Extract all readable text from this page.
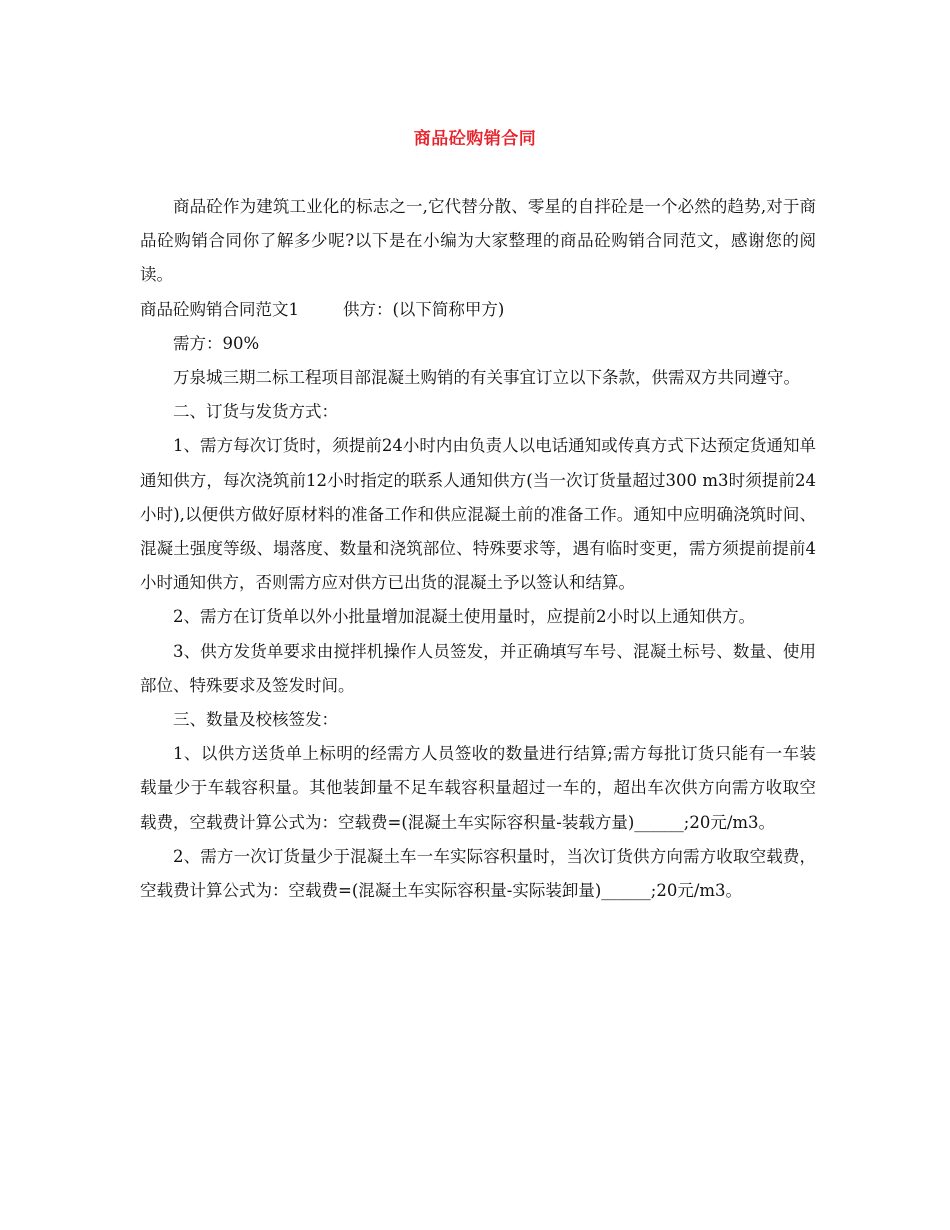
商品砼购销合同

商品砼作为建筑工业化的标志之一,它代替分散、零星的自拌砼是一个必然的趋势,对于商品砼购销合同你了解多少呢?以下是在小编为大家整理的商品砼购销合同范文，感谢您的阅读。

商品砼购销合同范文1	供方：(以下简称甲方)

需方：90%

万泉城三期二标工程项目部混凝土购销的有关事宜订立以下条款，供需双方共同遵守。

二、订货与发货方式：

1、需方每次订货时，须提前24小时内由负责人以电话通知或传真方式下达预定货通知单通知供方，每次浇筑前12小时指定的联系人通知供方(当一次订货量超过300 m3时须提前24小时),以便供方做好原材料的准备工作和供应混凝土前的准备工作。通知中应明确浇筑时间、混凝土强度等级、塌落度、数量和浇筑部位、特殊要求等，遇有临时变更，需方须提前提前4小时通知供方，否则需方应对供方已出货的混凝土予以签认和结算。

2、需方在订货单以外小批量增加混凝土使用量时，应提前2小时以上通知供方。

3、供方发货单要求由搅拌机操作人员签发，并正确填写车号、混凝土标号、数量、使用部位、特殊要求及签发时间。

三、数量及校核签发：

1、以供方送货单上标明的经需方人员签收的数量进行结算;需方每批订货只能有一车装载量少于车载容积量。其他装卸量不足车载容积量超过一车的，超出车次供方向需方收取空载费，空载费计算公式为：空载费=(混凝土车实际容积量-装载方量)______;20元/m3。

2、需方一次订货量少于混凝土车一车实际容积量时，当次订货供方向需方收取空载费，空载费计算公式为：空载费=(混凝土车实际容积量-实际装卸量)______;20元/m3。
